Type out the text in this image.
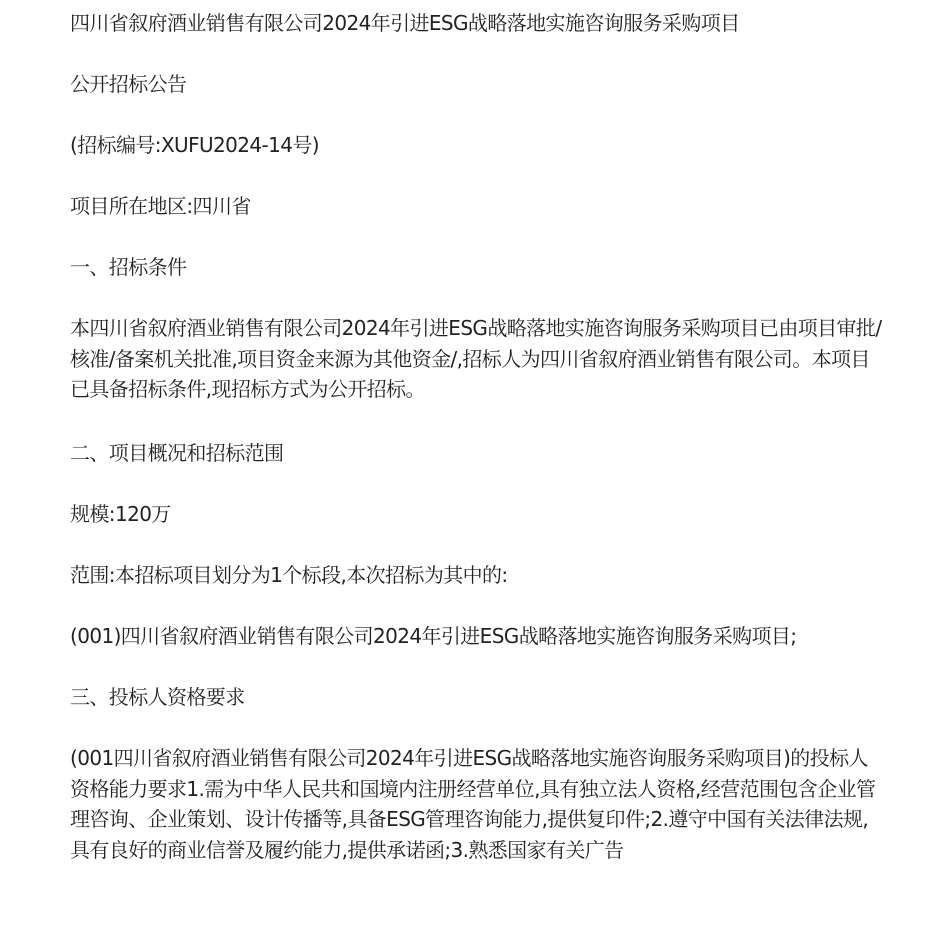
四川省叙府酒业销售有限公司2024年引进ESG战略落地实施咨询服务采购项目

公开招标公告

(招标编号:XUFU2024-14号)

项目所在地区:四川省

一、招标条件

本四川省叙府酒业销售有限公司2024年引进ESG战略落地实施咨询服务采购项目已由项目审批/核准/备案机关批准,项目资金来源为其他资金/,招标人为四川省叙府酒业销售有限公司。本项目已具备招标条件,现招标方式为公开招标。

二、项目概况和招标范围

规模:120万

范围:本招标项目划分为1个标段,本次招标为其中的:

(001)四川省叙府酒业销售有限公司2024年引进ESG战略落地实施咨询服务采购项目;

三、投标人资格要求

(001四川省叙府酒业销售有限公司2024年引进ESG战略落地实施咨询服务采购项目)的投标人资格能力要求1.需为中华人民共和国境内注册经营单位,具有独立法人资格,经营范围包含企业管理咨询、企业策划、设计传播等,具备ESG管理咨询能力,提供复印件;2.遵守中国有关法律法规,具有良好的商业信誉及履约能力,提供承诺函;3.熟悉国家有关广告
